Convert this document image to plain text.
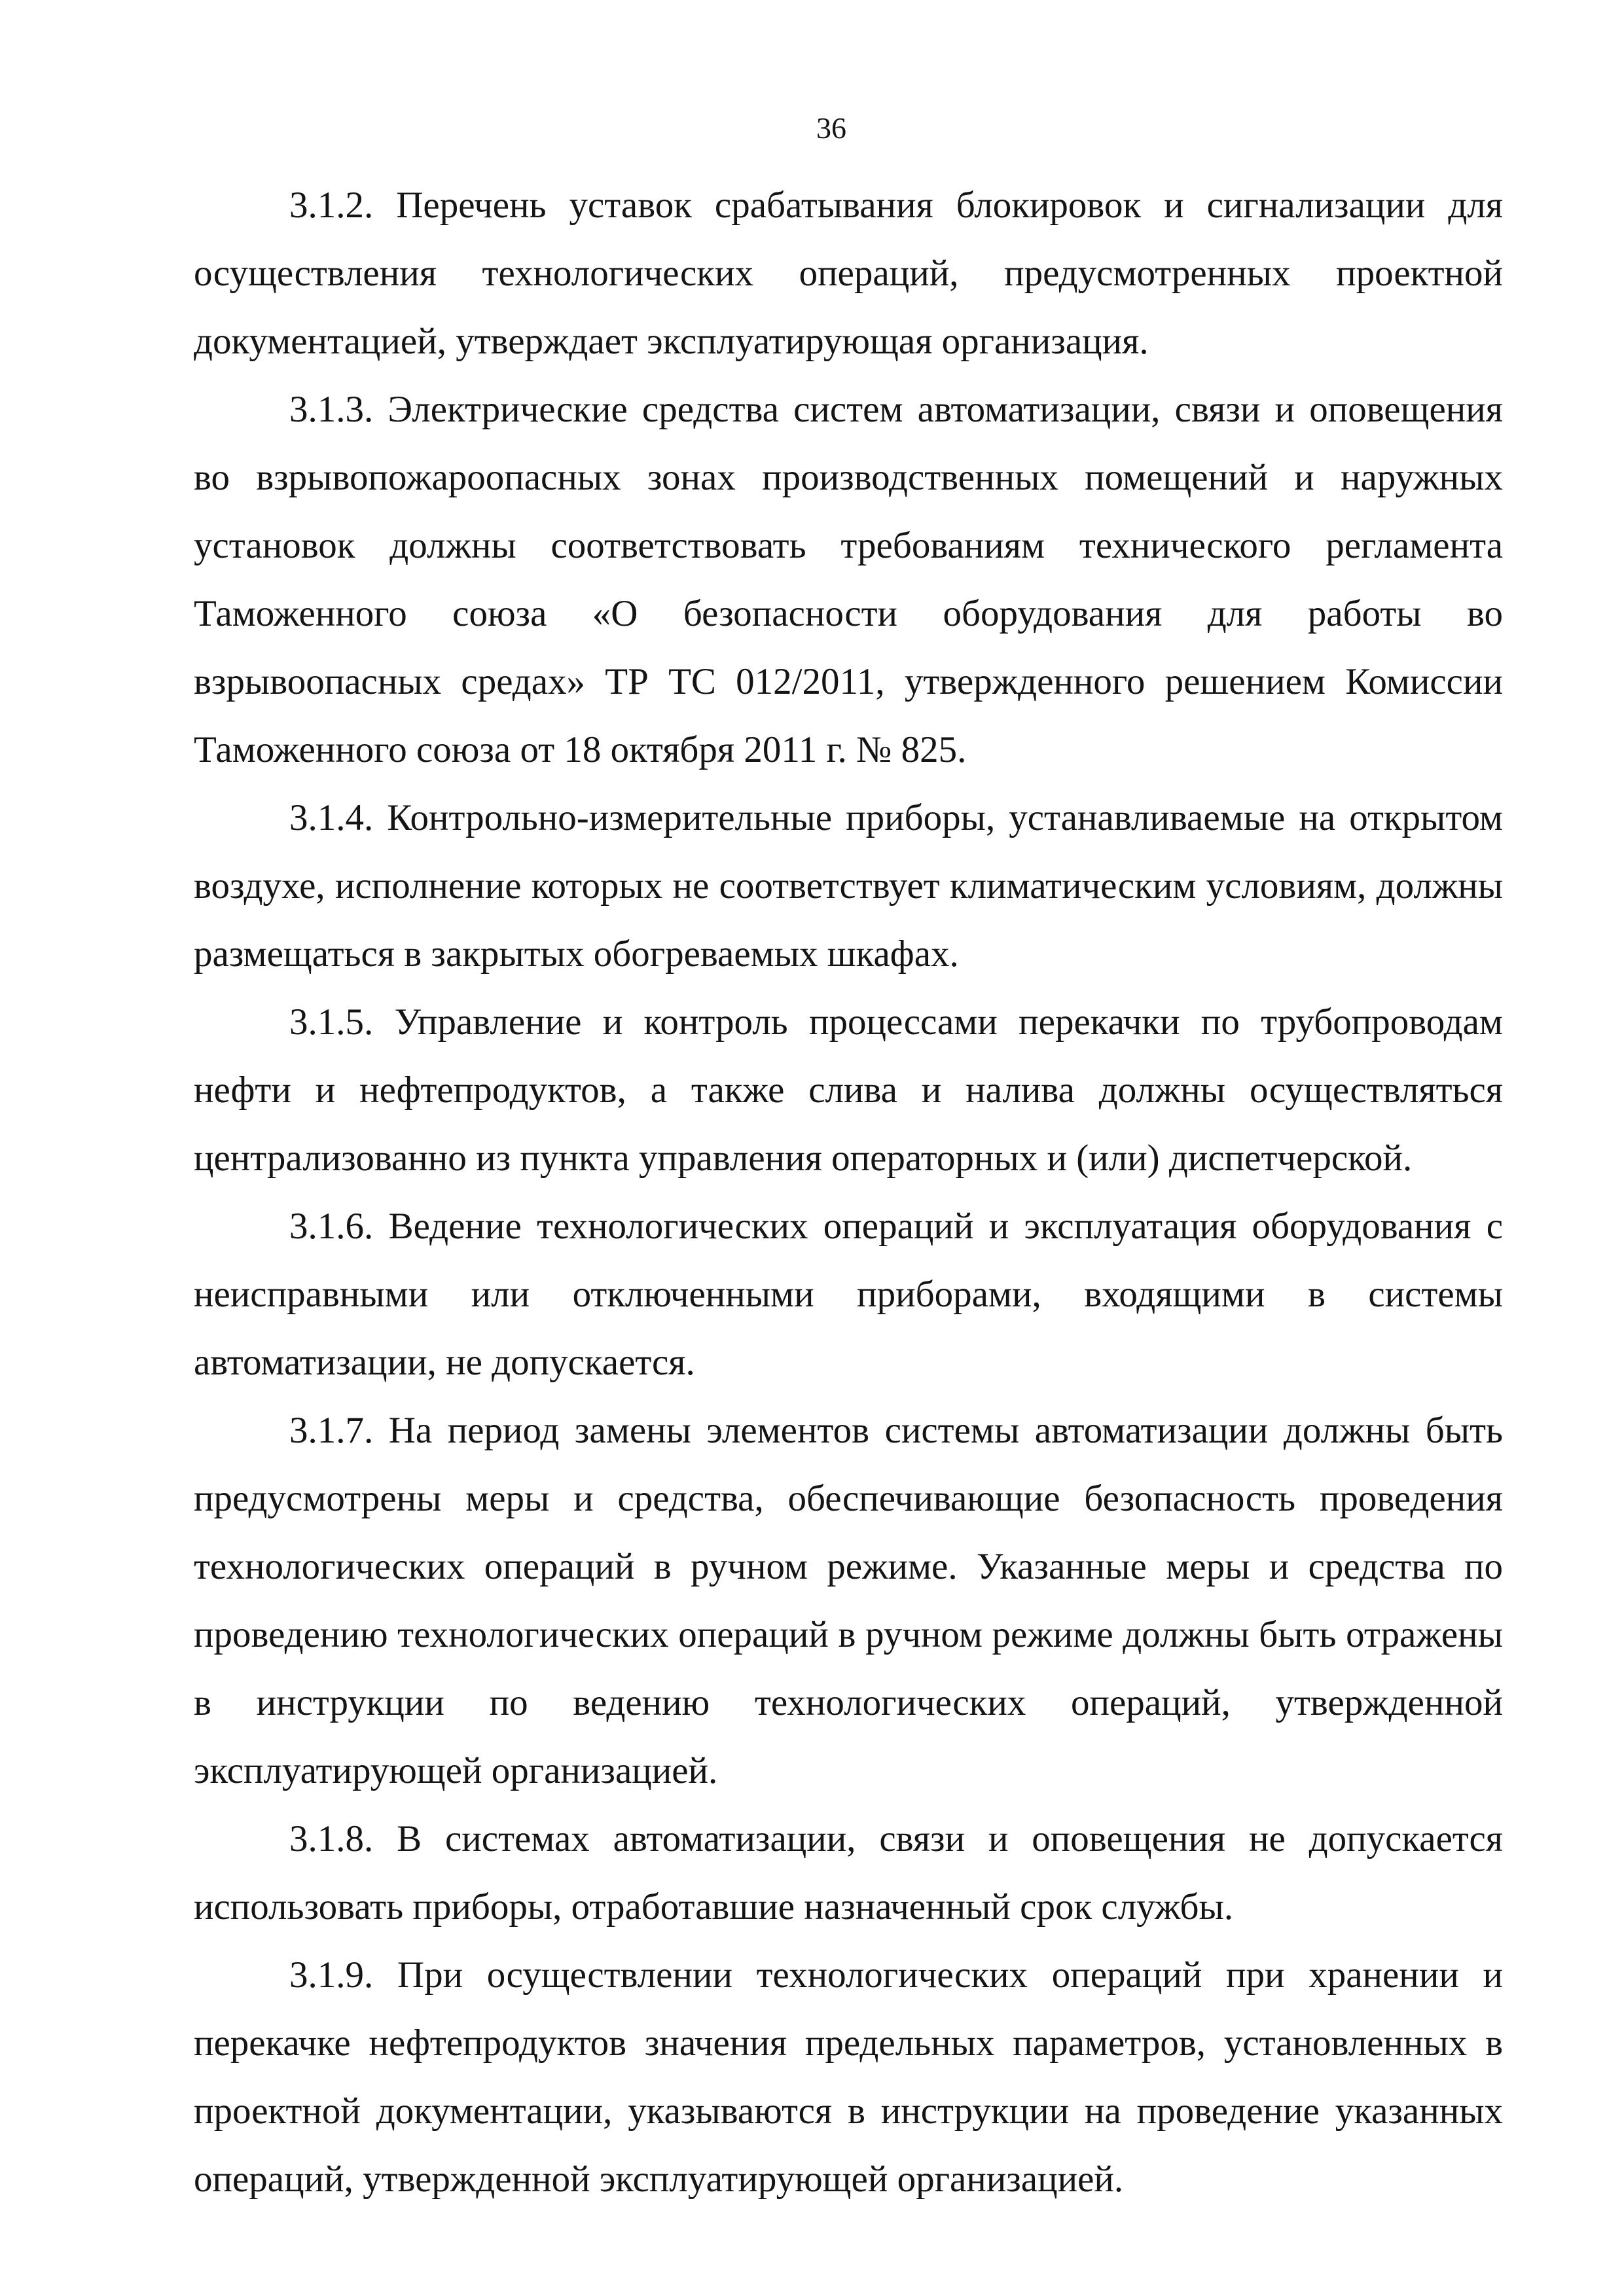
36

3.1.2. Перечень уставок срабатывания блокировок и сигнализации для осуществления технологических операций, предусмотренных проектной документацией, утверждает эксплуатирующая организация.

3.1.3. Электрические средства систем автоматизации, связи и оповещения во взрывопожароопасных зонах производственных помещений и наружных установок должны соответствовать требованиям технического регламента Таможенного союза «О безопасности оборудования для работы во взрывоопасных средах» ТР ТС 012/2011, утвержденного решением Комиссии Таможенного союза от 18 октября 2011 г. № 825.

3.1.4. Контрольно-измерительные приборы, устанавливаемые на открытом воздухе, исполнение которых не соответствует климатическим условиям, должны размещаться в закрытых обогреваемых шкафах.

3.1.5. Управление и контроль процессами перекачки по трубопроводам нефти и нефтепродуктов, а также слива и налива должны осуществляться централизованно из пункта управления операторных и (или) диспетчерской.

3.1.6. Ведение технологических операций и эксплуатация оборудования с неисправными или отключенными приборами, входящими в системы автоматизации, не допускается.

3.1.7. На период замены элементов системы автоматизации должны быть предусмотрены меры и средства, обеспечивающие безопасность проведения технологических операций в ручном режиме. Указанные меры и средства по проведению технологических операций в ручном режиме должны быть отражены в инструкции по ведению технологических операций, утвержденной эксплуатирующей организацией.

3.1.8. В системах автоматизации, связи и оповещения не допускается использовать приборы, отработавшие назначенный срок службы.

3.1.9. При осуществлении технологических операций при хранении и перекачке нефтепродуктов значения предельных параметров, установленных в проектной документации, указываются в инструкции на проведение указанных операций, утвержденной эксплуатирующей организацией.
